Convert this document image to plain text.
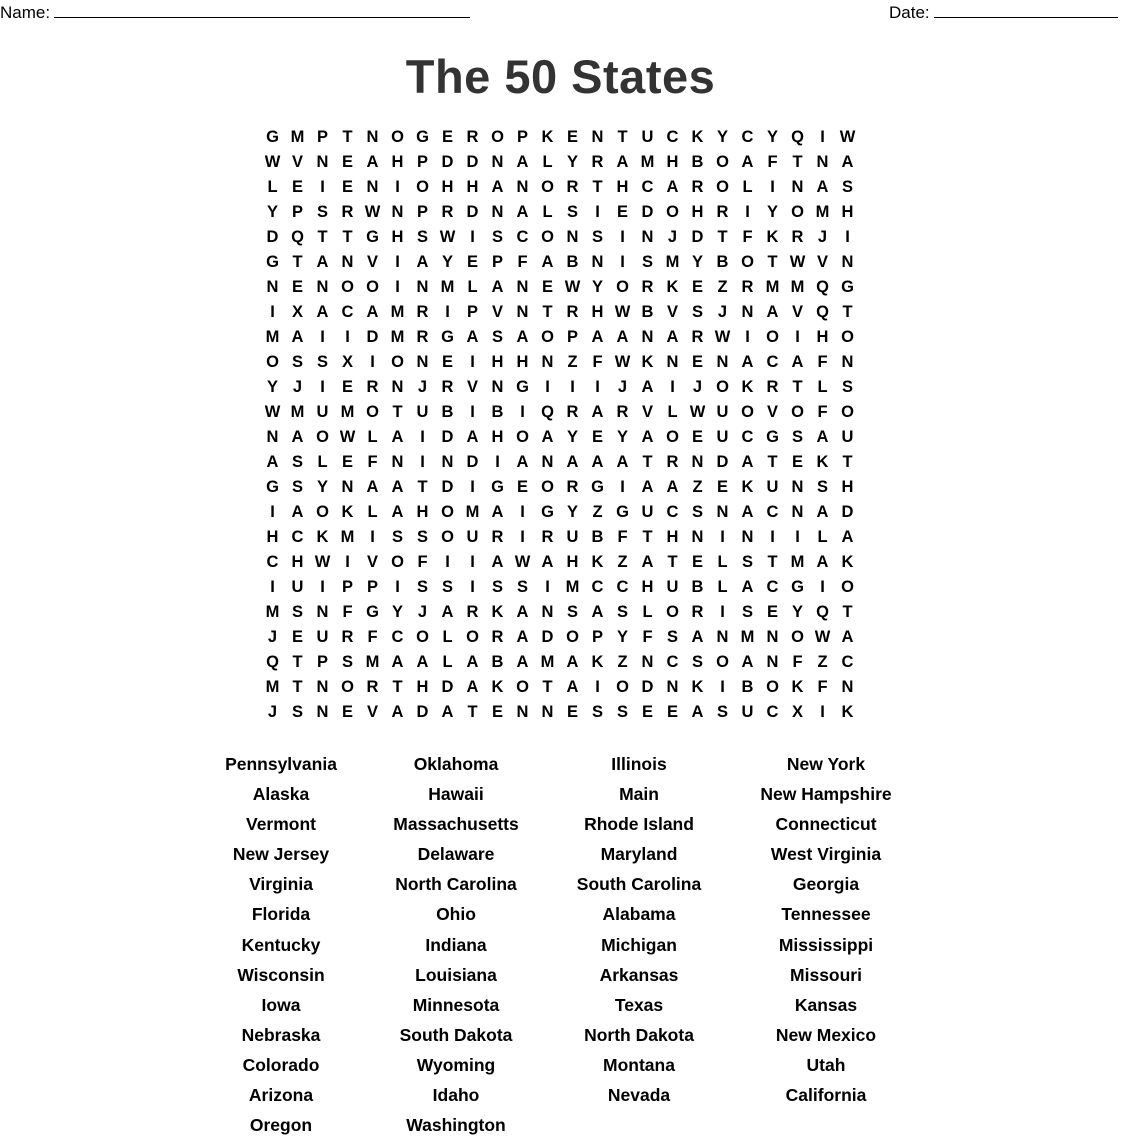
Name:	Date:
The 50 States
G M P T N O G E R O P K E N T U C K Y C Y Q I W
W V N E A H P D D N A L Y R A M H B O A F T N A
L E	I	E N	I O H H A N O R T H C A R O L	I	N A S
Y P S R W N P R D N A L S	I	E D O H R	I	Y O M H
D Q T T G H S W I	S C O N S	I	N J D T F K R J	I
G T A N V	I	A Y E P F A B N	I	S M Y B O T W V N
N E N O O I	N M L A N E W Y O R K E Z R M M Q G
I	X A C A M R	I	P V N T R H W B V S J N A V Q T
M A	I	I	D M R G A S A O P A A N A R W I O I	H O
O S S X	I O N E	I	H H N Z F W K N E N A C A F N
Y J	I	E R N J R V N G I	I	I	J A	I	J O K R T L S
W M U M O T U B	I	B	I Q R A R V L W U O V O F O
N A O W L A	I	D A H O A Y E Y A O E U C G S A U
A S L E F N	I	N D	I	A N A A A T R N D A T E K T
G S Y N A A T D	I G E O R G I	A A Z E K U N S H
I	A O K L A H O M A	I G Y Z G U C S N A C N A D
H C K M I	S S O U R	I	R U B F T H N	I	N	I	I	L A
C H W I	V O F	I	I	A W A H K Z A T E L S T M A K
I	U	I	P P	I	S S	I	S S	I M C C H U B L A C G I O
M S N F G Y J A R K A N S A S L O R	I	S E Y Q T
J E U R F C O L O R A D O P Y F S A N M N O W A
Q T P S M A A L A B A M A K Z N C S O A N F Z C
M T N O R T H D A K O T A	I O D N K	I	B O K F N
J S N E V A D A T E N N E S S E E A S U C X	I	K
Pennsylvania	Oklahoma	Illinois	New York
Alaska	Hawaii	Main	New Hampshire
Vermont	Massachusetts	Rhode Island	Connecticut
New Jersey	Delaware	Maryland	West Virginia
Virginia	North Carolina	South Carolina	Georgia
Florida	Ohio	Alabama	Tennessee
Kentucky	Indiana	Michigan	Mississippi
Wisconsin	Louisiana	Arkansas	Missouri
Iowa	Minnesota	Texas	Kansas
Nebraska	South Dakota	North Dakota	New Mexico
Colorado	Wyoming	Montana	Utah
Arizona	Idaho	Nevada	California
Oregon	Washington
